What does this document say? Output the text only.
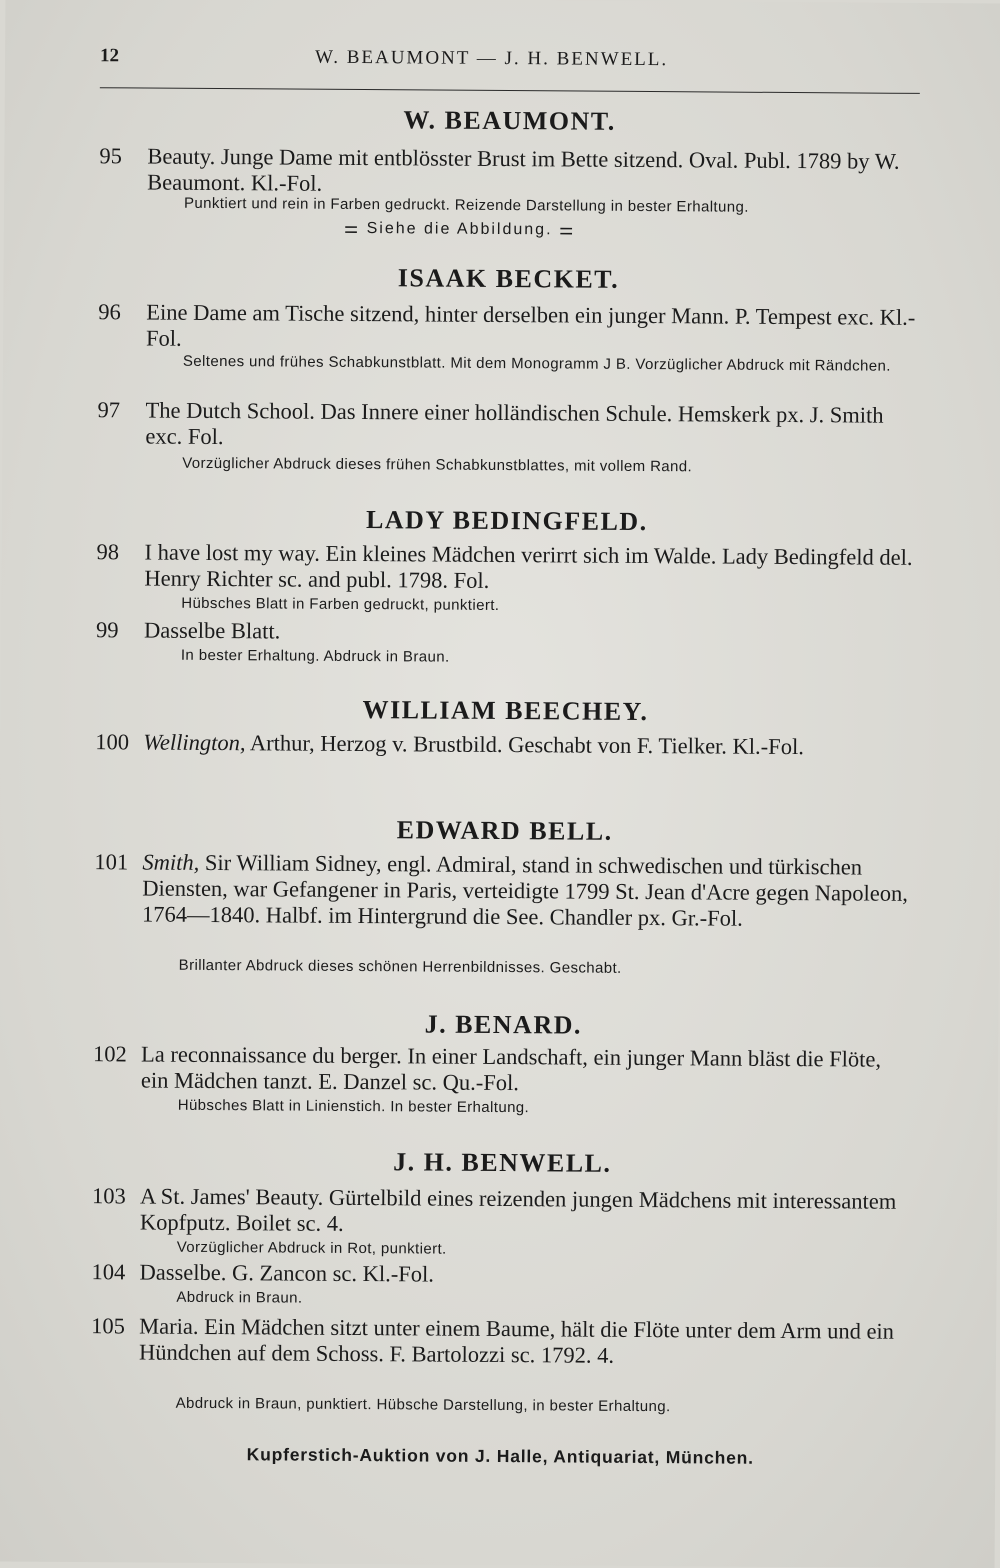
12	W. BEAUMONT — J. H. BENWELL.
W. BEAUMONT.
95	Beauty. Junge Dame mit entblösster Brust im Bette sitzend. Oval. Publ. 1789 by W. Beaumont. Kl.-Fol.
Punktiert und rein in Farben gedruckt. Reizende Darstellung in bester Erhaltung.
⚌ Siehe die Abbildung. ⚌
ISAAK BECKET.
96	Eine Dame am Tische sitzend, hinter derselben ein junger Mann. P. Tempest exc. Kl.-Fol.
Seltenes und frühes Schabkunstblatt. Mit dem Monogramm J B. Vorzüglicher Abdruck mit Rändchen.
97	The Dutch School. Das Innere einer holländischen Schule. Hemskerk px. J. Smith exc. Fol.
Vorzüglicher Abdruck dieses frühen Schabkunstblattes, mit vollem Rand.
LADY BEDINGFELD.
98	I have lost my way. Ein kleines Mädchen verirrt sich im Walde. Lady Bedingfeld del. Henry Richter sc. and publ. 1798. Fol.
Hübsches Blatt in Farben gedruckt, punktiert.
99	Dasselbe Blatt.
In bester Erhaltung. Abdruck in Braun.
WILLIAM BEECHEY.
100 Wellington, Arthur, Herzog v. Brustbild. Geschabt von F. Tielker. Kl.-Fol.
EDWARD BELL.
101 Smith, Sir William Sidney, engl. Admiral, stand in schwedischen und türkischen Diensten, war Gefangener in Paris, verteidigte 1799 St. Jean d'Acre gegen Napoleon, 1764—1840. Halbf. im Hintergrund die See. Chandler px. Gr.-Fol.
Brillanter Abdruck dieses schönen Herrenbildnisses. Geschabt.
J. BENARD.
102 La reconnaissance du berger. In einer Landschaft, ein junger Mann bläst die Flöte, ein Mädchen tanzt. E. Danzel sc. Qu.-Fol.
Hübsches Blatt in Linienstich. In bester Erhaltung.
J. H. BENWELL.
103 A St. James' Beauty. Gürtelbild eines reizenden jungen Mädchens mit interessantem Kopfputz. Boilet sc. 4.
Vorzüglicher Abdruck in Rot, punktiert.
104 Dasselbe. G. Zancon sc. Kl.-Fol.
Abdruck in Braun.
105 Maria. Ein Mädchen sitzt unter einem Baume, hält die Flöte unter dem Arm und ein Hündchen auf dem Schoss. F. Bartolozzi sc. 1792. 4.
Abdruck in Braun, punktiert. Hübsche Darstellung, in bester Erhaltung.
Kupferstich-Auktion von J. Halle, Antiquariat, München.
